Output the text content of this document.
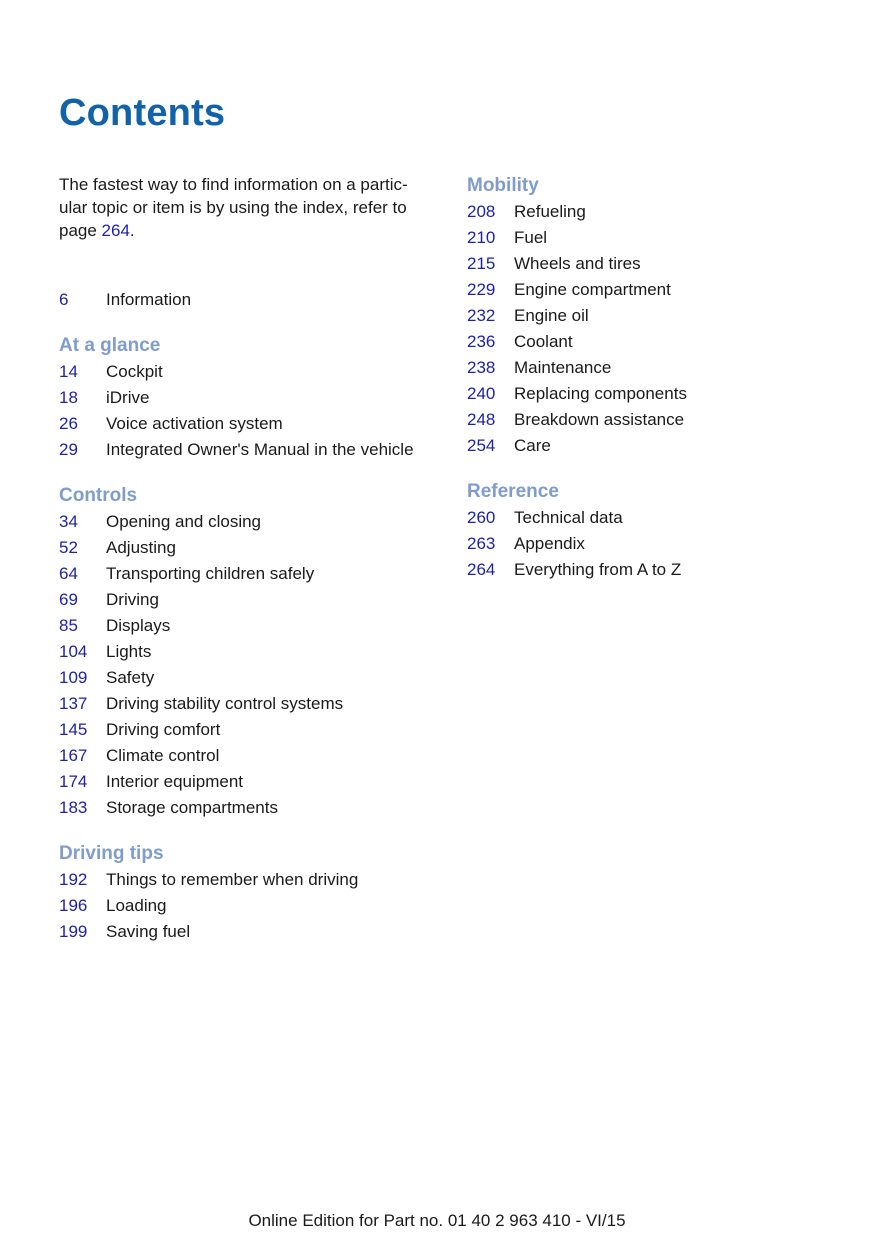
Contents

The fastest way to find information on a partic-
ular topic or item is by using the index, refer to
page 264.

6	Information
At a glance
14	Cockpit
18	iDrive
26	Voice activation system
29	Integrated Owner's Manual in the vehicle
Controls
34	Opening and closing
52	Adjusting
64	Transporting children safely
69	Driving
85	Displays
104	Lights
109	Safety
137	Driving stability control systems
145	Driving comfort
167	Climate control
174	Interior equipment
183	Storage compartments
Driving tips
192	Things to remember when driving
196	Loading
199	Saving fuel
Mobility
208	Refueling
210	Fuel
215	Wheels and tires
229	Engine compartment
232	Engine oil
236	Coolant
238	Maintenance
240	Replacing components
248	Breakdown assistance
254	Care
Reference
260	Technical data
263	Appendix
264	Everything from A to Z
Online Edition for Part no. 01 40 2 963 410 - VI/15
